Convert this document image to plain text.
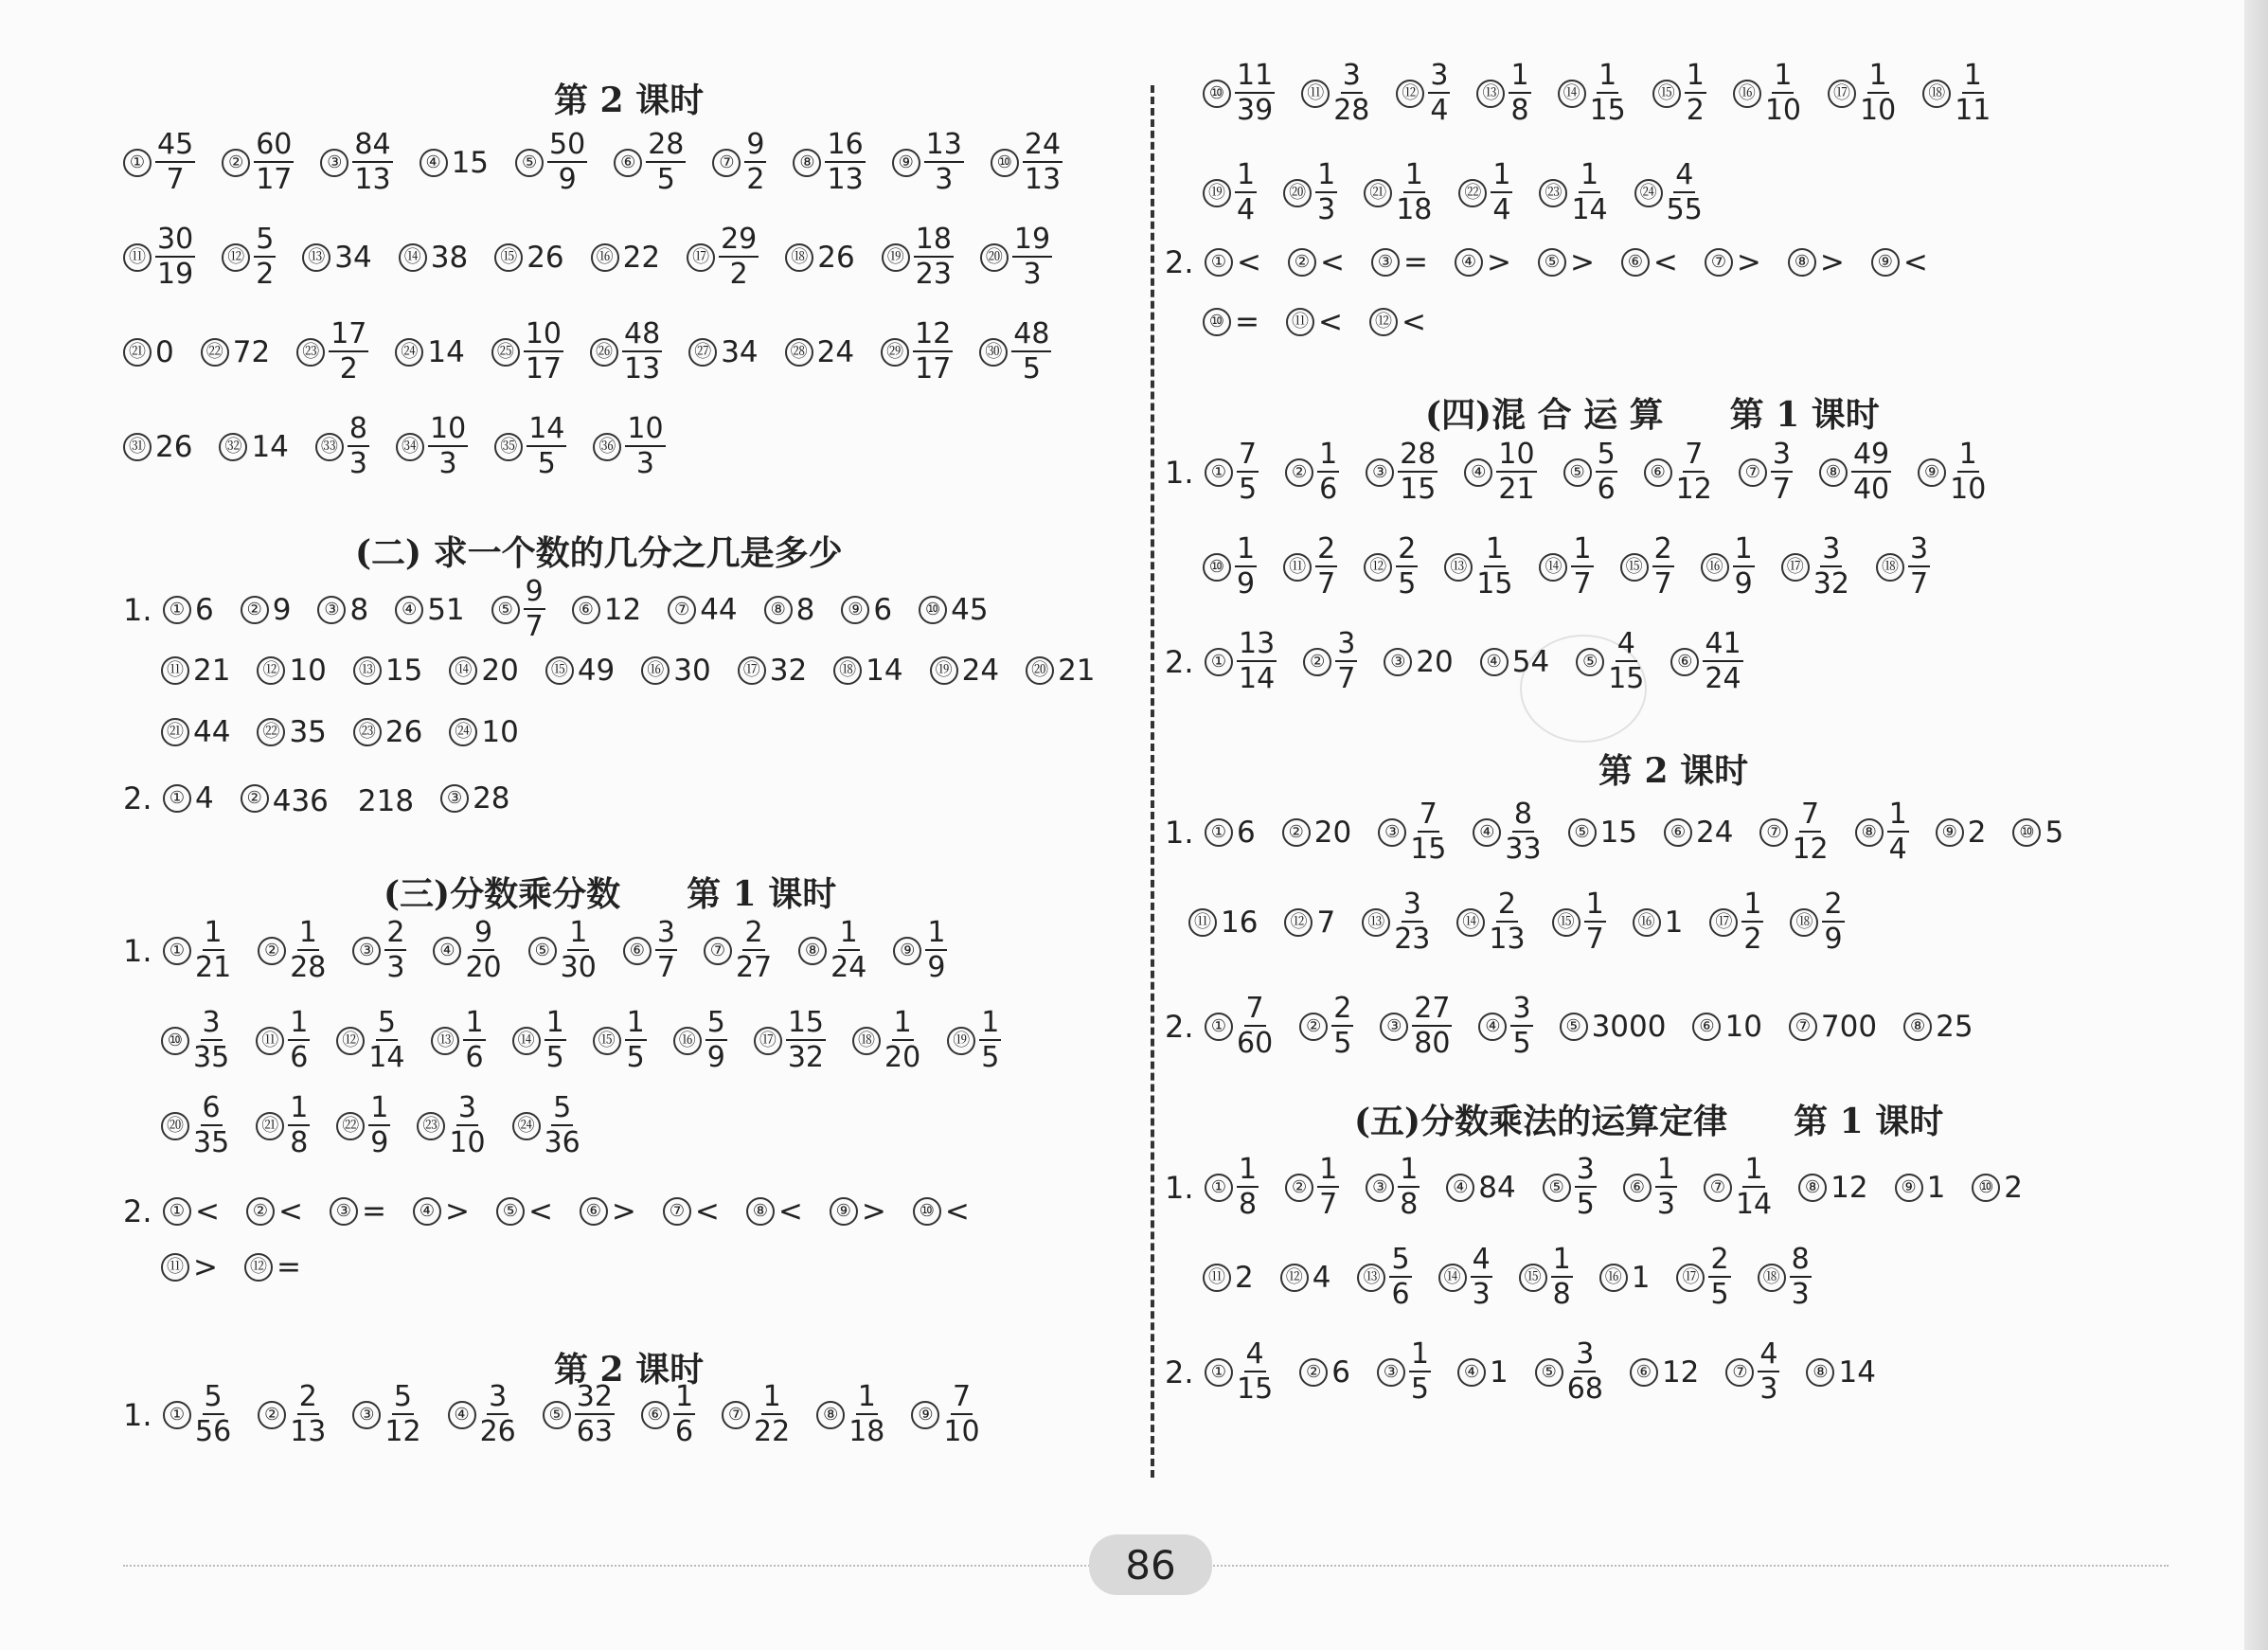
第 2 课时
(二) 求一个数的几分之几是多少
(三)分数乘分数 第 1 课时
第 2 课时
(四)混 合 运 算 第 1 课时
第 2 课时
(五)分数乘法的运算定律 第 1 课时
① $\frac{45}{7}$	② $\frac{60}{17}$	③ $\frac{84}{13}$	④ 15	⑤ $\frac{50}{9}$	⑥ $\frac{28}{5}$	⑦ $\frac{9}{2}$	⑧ $\frac{16}{13}$	⑨ $\frac{13}{3}$	⑩ $\frac{24}{13}$
⑪ $\frac{30}{19}$	⑫ $\frac{5}{2}$	⑬ 34	⑭ 38	⑮ 26	⑯ 22	⑰ $\frac{29}{2}$	⑱ 26	⑲ $\frac{18}{23}$	⑳ $\frac{19}{3}$
㉑ 0	㉒ 72	㉓ $\frac{17}{2}$	㉔ 14	㉕ $\frac{10}{17}$	㉖ $\frac{48}{13}$	㉗ 34	㉘ 24	㉙ $\frac{12}{17}$	㉚ $\frac{48}{5}$
㉛ 26	㉜ 14	㉝ $\frac{8}{3}$	㉞ $\frac{10}{3}$	㉟ $\frac{14}{5}$	㊱ $\frac{10}{3}$
1.	① 6	② 9	③ 8	④ 51	⑤ $\frac{9}{7}$	⑥ 12	⑦ 44	⑧ 8	⑨ 6	⑩ 45
⑪ 21	⑫ 10	⑬ 15	⑭ 20	⑮ 49	⑯ 30	⑰ 32	⑱ 14	⑲ 24	⑳ 21
㉑ 44	㉒ 35	㉓ 26	㉔ 10
2.	① 4	② 436　218	③ 28
1.	① $\frac{1}{21}$	② $\frac{1}{28}$	③ $\frac{2}{3}$	④ $\frac{9}{20}$	⑤ $\frac{1}{30}$	⑥ $\frac{3}{7}$	⑦ $\frac{2}{27}$	⑧ $\frac{1}{24}$	⑨ $\frac{1}{9}$
⑩ $\frac{3}{35}$	⑪ $\frac{1}{6}$	⑫ $\frac{5}{14}$	⑬ $\frac{1}{6}$	⑭ $\frac{1}{5}$	⑮ $\frac{1}{5}$	⑯ $\frac{5}{9}$	⑰ $\frac{15}{32}$	⑱ $\frac{1}{20}$	⑲ $\frac{1}{5}$
⑳ $\frac{6}{35}$	㉑ $\frac{1}{8}$	㉒ $\frac{1}{9}$	㉓ $\frac{3}{10}$	㉔ $\frac{5}{36}$
2.	① <	② <	③ =	④ >	⑤ <	⑥ >	⑦ <	⑧ <	⑨ >	⑩ <
⑪ >	⑫ =
1.	① $\frac{5}{56}$	② $\frac{2}{13}$	③ $\frac{5}{12}$	④ $\frac{3}{26}$	⑤ $\frac{32}{63}$	⑥ $\frac{1}{6}$	⑦ $\frac{1}{22}$	⑧ $\frac{1}{18}$	⑨ $\frac{7}{10}$
⑩ $\frac{11}{39}$	⑪ $\frac{3}{28}$	⑫ $\frac{3}{4}$	⑬ $\frac{1}{8}$	⑭ $\frac{1}{15}$	⑮ $\frac{1}{2}$	⑯ $\frac{1}{10}$	⑰ $\frac{1}{10}$	⑱ $\frac{1}{11}$
⑲ $\frac{1}{4}$	⑳ $\frac{1}{3}$	㉑ $\frac{1}{18}$	㉒ $\frac{1}{4}$	㉓ $\frac{1}{14}$	㉔ $\frac{4}{55}$
2.	① <	② <	③ =	④ >	⑤ >	⑥ <	⑦ >	⑧ >	⑨ <
⑩ =	⑪ <	⑫ <
1.	① $\frac{7}{5}$	② $\frac{1}{6}$	③ $\frac{28}{15}$	④ $\frac{10}{21}$	⑤ $\frac{5}{6}$	⑥ $\frac{7}{12}$	⑦ $\frac{3}{7}$	⑧ $\frac{49}{40}$	⑨ $\frac{1}{10}$
⑩ $\frac{1}{9}$	⑪ $\frac{2}{7}$	⑫ $\frac{2}{5}$	⑬ $\frac{1}{15}$	⑭ $\frac{1}{7}$	⑮ $\frac{2}{7}$	⑯ $\frac{1}{9}$	⑰ $\frac{3}{32}$	⑱ $\frac{3}{7}$
2.	① $\frac{13}{14}$	② $\frac{3}{7}$	③ 20	④ 54	⑤ $\frac{4}{15}$	⑥ $\frac{41}{24}$
1.	① 6	② 20	③ $\frac{7}{15}$	④ $\frac{8}{33}$	⑤ 15	⑥ 24	⑦ $\frac{7}{12}$	⑧ $\frac{1}{4}$	⑨ 2	⑩ 5
⑪ 16	⑫ 7	⑬ $\frac{3}{23}$	⑭ $\frac{2}{13}$	⑮ $\frac{1}{7}$	⑯ 1	⑰ $\frac{1}{2}$	⑱ $\frac{2}{9}$
2.	① $\frac{7}{60}$	② $\frac{2}{5}$	③ $\frac{27}{80}$	④ $\frac{3}{5}$	⑤ 3000	⑥ 10	⑦ 700	⑧ 25
1.	① $\frac{1}{8}$	② $\frac{1}{7}$	③ $\frac{1}{8}$	④ 84	⑤ $\frac{3}{5}$	⑥ $\frac{1}{3}$	⑦ $\frac{1}{14}$	⑧ 12	⑨ 1	⑩ 2
⑪ 2	⑫ 4	⑬ $\frac{5}{6}$	⑭ $\frac{4}{3}$	⑮ $\frac{1}{8}$	⑯ 1	⑰ $\frac{2}{5}$	⑱ $\frac{8}{3}$
2.	① $\frac{4}{15}$	② 6	③ $\frac{1}{5}$	④ 1	⑤ $\frac{3}{68}$	⑥ 12	⑦ $\frac{4}{3}$	⑧ 14
86
